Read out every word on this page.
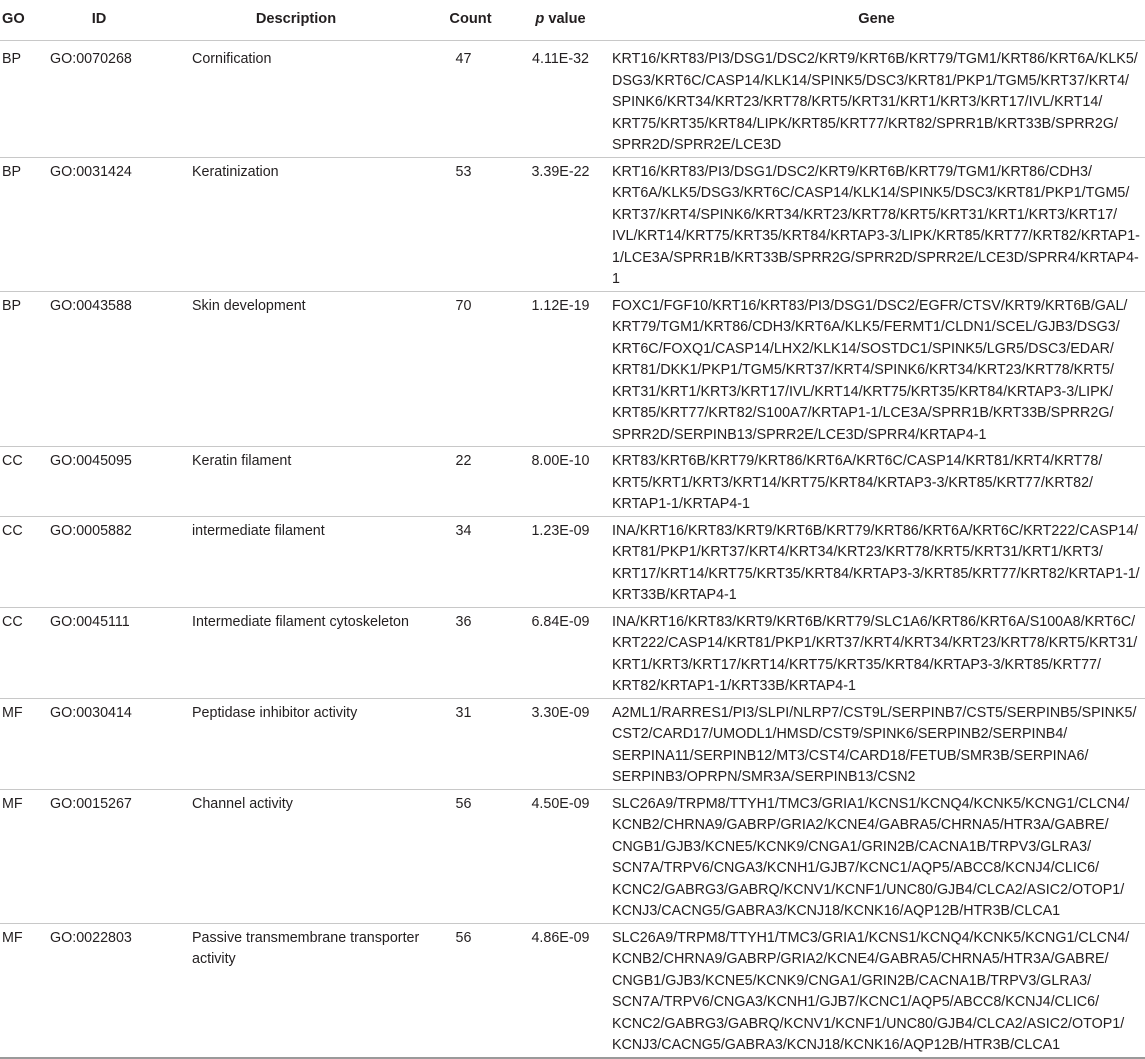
GO	ID	Description	Count	p value	Gene
BP	GO:0070268	Cornification	47	4.11E-32	KRT16/​KRT83/​PI3/​DSG1/​DSC2/​KRT9/​KRT6B/​KRT79/​TGM1/​KRT86/​KRT6A/​KLK5/​DSG3/​KRT6C/​CASP14/​KLK14/​SPINK5/​DSC3/​KRT81/​PKP1/​TGM5/​KRT37/​KRT4/​SPINK6/​KRT34/​KRT23/​KRT78/​KRT5/​KRT31/​KRT1/​KRT3/​KRT17/​IVL/​KRT14/​KRT75/​KRT35/​KRT84/​LIPK/​KRT85/​KRT77/​KRT82/​SPRR1B/​KRT33B/​SPRR2G/​SPRR2D/​SPRR2E/​LCE3D
BP	GO:0031424	Keratinization	53	3.39E-22	KRT16/​KRT83/​PI3/​DSG1/​DSC2/​KRT9/​KRT6B/​KRT79/​TGM1/​KRT86/​CDH3/​KRT6A/​KLK5/​DSG3/​KRT6C/​CASP14/​KLK14/​SPINK5/​DSC3/​KRT81/​PKP1/​TGM5/​KRT37/​KRT4/​SPINK6/​KRT34/​KRT23/​KRT78/​KRT5/​KRT31/​KRT1/​KRT3/​KRT17/​IVL/​KRT14/​KRT75/​KRT35/​KRT84/​KRTAP3-3/​LIPK/​KRT85/​KRT77/​KRT82/​KRTAP1-1/​LCE3A/​SPRR1B/​KRT33B/​SPRR2G/​SPRR2D/​SPRR2E/​LCE3D/​SPRR4/​KRTAP4-1
BP	GO:0043588	Skin development	70	1.12E-19	FOXC1/​FGF10/​KRT16/​KRT83/​PI3/​DSG1/​DSC2/​EGFR/​CTSV/​KRT9/​KRT6B/​GAL/​KRT79/​TGM1/​KRT86/​CDH3/​KRT6A/​KLK5/​FERMT1/​CLDN1/​SCEL/​GJB3/​DSG3/​KRT6C/​FOXQ1/​CASP14/​LHX2/​KLK14/​SOSTDC1/​SPINK5/​LGR5/​DSC3/​EDAR/​KRT81/​DKK1/​PKP1/​TGM5/​KRT37/​KRT4/​SPINK6/​KRT34/​KRT23/​KRT78/​KRT5/​KRT31/​KRT1/​KRT3/​KRT17/​IVL/​KRT14/​KRT75/​KRT35/​KRT84/​KRTAP3-3/​LIPK/​KRT85/​KRT77/​KRT82/​S100A7/​KRTAP1-1/​LCE3A/​SPRR1B/​KRT33B/​SPRR2G/​SPRR2D/​SERPINB13/​SPRR2E/​LCE3D/​SPRR4/​KRTAP4-1
CC	GO:0045095	Keratin filament	22	8.00E-10	KRT83/​KRT6B/​KRT79/​KRT86/​KRT6A/​KRT6C/​CASP14/​KRT81/​KRT4/​KRT78/​KRT5/​KRT1/​KRT3/​KRT14/​KRT75/​KRT84/​KRTAP3-3/​KRT85/​KRT77/​KRT82/​KRTAP1-1/​KRTAP4-1
CC	GO:0005882	intermediate filament	34	1.23E-09	INA/​KRT16/​KRT83/​KRT9/​KRT6B/​KRT79/​KRT86/​KRT6A/​KRT6C/​KRT222/​CASP14/​KRT81/​PKP1/​KRT37/​KRT4/​KRT34/​KRT23/​KRT78/​KRT5/​KRT31/​KRT1/​KRT3/​KRT17/​KRT14/​KRT75/​KRT35/​KRT84/​KRTAP3-3/​KRT85/​KRT77/​KRT82/​KRTAP1-1/​KRT33B/​KRTAP4-1
CC	GO:0045111	Intermediate filament cytoskeleton	36	6.84E-09	INA/​KRT16/​KRT83/​KRT9/​KRT6B/​KRT79/​SLC1A6/​KRT86/​KRT6A/​S100A8/​KRT6C/​KRT222/​CASP14/​KRT81/​PKP1/​KRT37/​KRT4/​KRT34/​KRT23/​KRT78/​KRT5/​KRT31/​KRT1/​KRT3/​KRT17/​KRT14/​KRT75/​KRT35/​KRT84/​KRTAP3-3/​KRT85/​KRT77/​KRT82/​KRTAP1-1/​KRT33B/​KRTAP4-1
MF	GO:0030414	Peptidase inhibitor activity	31	3.30E-09	A2ML1/​RARRES1/​PI3/​SLPI/​NLRP7/​CST9L/​SERPINB7/​CST5/​SERPINB5/​SPINK5/​CST2/​CARD17/​UMODL1/​HMSD/​CST9/​SPINK6/​SERPINB2/​SERPINB4/​SERPINA11/​SERPINB12/​MT3/​CST4/​CARD18/​FETUB/​SMR3B/​SERPINA6/​SERPINB3/​OPRPN/​SMR3A/​SERPINB13/​CSN2
MF	GO:0015267	Channel activity	56	4.50E-09	SLC26A9/​TRPM8/​TTYH1/​TMC3/​GRIA1/​KCNS1/​KCNQ4/​KCNK5/​KCNG1/​CLCN4/​KCNB2/​CHRNA9/​GABRP/​GRIA2/​KCNE4/​GABRA5/​CHRNA5/​HTR3A/​GABRE/​CNGB1/​GJB3/​KCNE5/​KCNK9/​CNGA1/​GRIN2B/​CACNA1B/​TRPV3/​GLRA3/​SCN7A/​TRPV6/​CNGA3/​KCNH1/​GJB7/​KCNC1/​AQP5/​ABCC8/​KCNJ4/​CLIC6/​KCNC2/​GABRG3/​GABRQ/​KCNV1/​KCNF1/​UNC80/​GJB4/​CLCA2/​ASIC2/​OTOP1/​KCNJ3/​CACNG5/​GABRA3/​KCNJ18/​KCNK16/​AQP12B/​HTR3B/​CLCA1
MF	GO:0022803	Passive transmembrane transporter activity	56	4.86E-09	SLC26A9/​TRPM8/​TTYH1/​TMC3/​GRIA1/​KCNS1/​KCNQ4/​KCNK5/​KCNG1/​CLCN4/​KCNB2/​CHRNA9/​GABRP/​GRIA2/​KCNE4/​GABRA5/​CHRNA5/​HTR3A/​GABRE/​CNGB1/​GJB3/​KCNE5/​KCNK9/​CNGA1/​GRIN2B/​CACNA1B/​TRPV3/​GLRA3/​SCN7A/​TRPV6/​CNGA3/​KCNH1/​GJB7/​KCNC1/​AQP5/​ABCC8/​KCNJ4/​CLIC6/​KCNC2/​GABRG3/​GABRQ/​KCNV1/​KCNF1/​UNC80/​GJB4/​CLCA2/​ASIC2/​OTOP1/​KCNJ3/​CACNG5/​GABRA3/​KCNJ18/​KCNK16/​AQP12B/​HTR3B/​CLCA1
